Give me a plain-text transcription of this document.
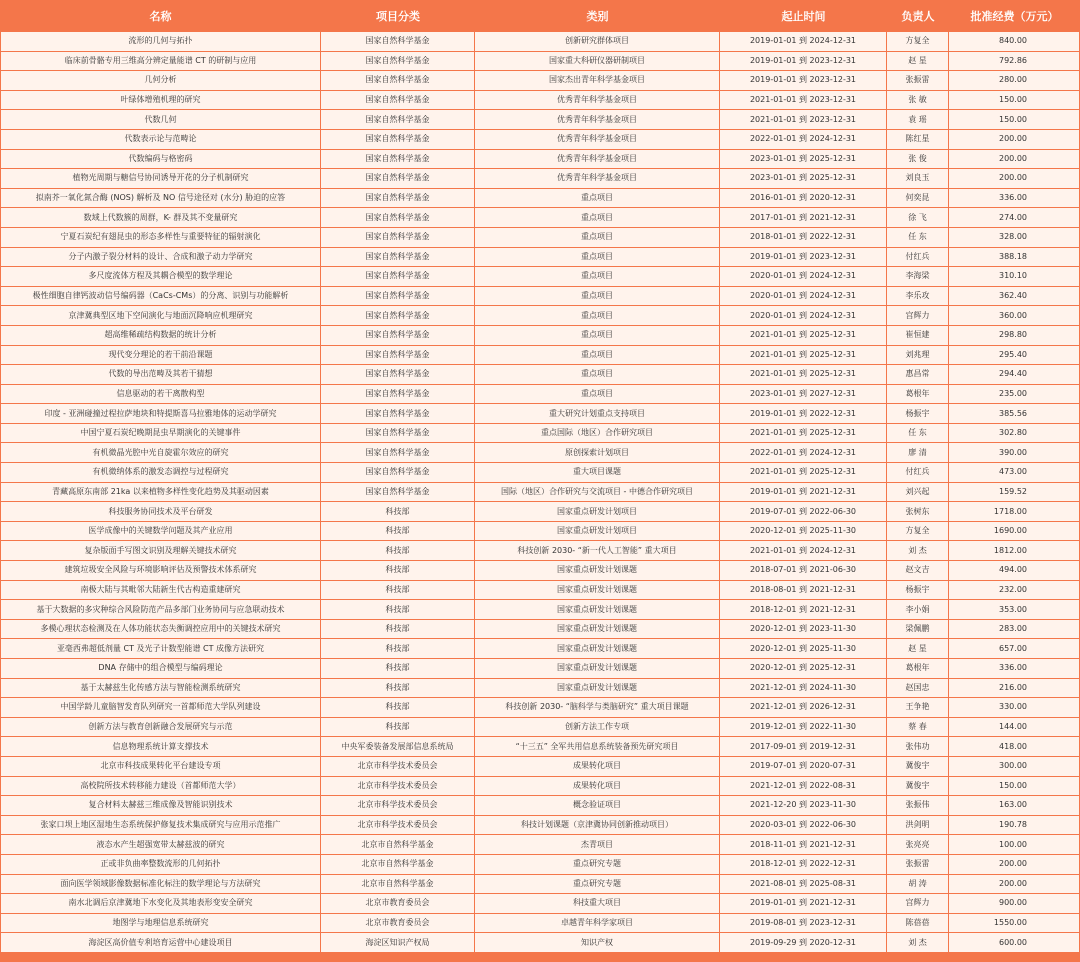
名称	项目分类	类别	起止时间	负责人	批准经费（万元）
流形的几何与拓扑	国家自然科学基金	创新研究群体项目	2019-01-01 到 2024-12-31	方复全	840.00
临床前骨骼专用三维高分辨定量能谱 CT 的研制与应用	国家自然科学基金	国家重大科研仪器研制项目	2019-01-01 到 2023-12-31	赵 星	792.86
几何分析	国家自然科学基金	国家杰出青年科学基金项目	2019-01-01 到 2023-12-31	张振雷	280.00
叶绿体增殖机理的研究	国家自然科学基金	优秀青年科学基金项目	2021-01-01 到 2023-12-31	张 敏	150.00
代数几何	国家自然科学基金	优秀青年科学基金项目	2021-01-01 到 2023-12-31	袁 瑶	150.00
代数表示论与范畴论	国家自然科学基金	优秀青年科学基金项目	2022-01-01 到 2024-12-31	陈红星	200.00
代数编码与格密码	国家自然科学基金	优秀青年科学基金项目	2023-01-01 到 2025-12-31	张 俊	200.00
植物光周期与糖信号协同诱导开花的分子机制研究	国家自然科学基金	优秀青年科学基金项目	2023-01-01 到 2025-12-31	刘良玉	200.00
拟南芥一氧化氮合酶 (NOS) 解析及 NO 信号途径对 (水分) 胁迫的应答	国家自然科学基金	重点项目	2016-01-01 到 2020-12-31	何奕昆	336.00
数域上代数簇的周群，K- 群及其不变量研究	国家自然科学基金	重点项目	2017-01-01 到 2021-12-31	徐 飞	274.00
宁夏石炭纪有翅昆虫的形态多样性与重要特征的辐射演化	国家自然科学基金	重点项目	2018-01-01 到 2022-12-31	任 东	328.00
分子内激子裂分材料的设计、合成和激子动力学研究	国家自然科学基金	重点项目	2019-01-01 到 2023-12-31	付红兵	388.18
多尺度流体方程及其耦合模型的数学理论	国家自然科学基金	重点项目	2020-01-01 到 2024-12-31	李海梁	310.10
极性细胞自律钙波动信号编码器（CaCs-CMs）的分离、识别与功能解析	国家自然科学基金	重点项目	2020-01-01 到 2024-12-31	李乐攻	362.40
京津冀典型区地下空间演化与地面沉降响应机理研究	国家自然科学基金	重点项目	2020-01-01 到 2024-12-31	宫辉力	360.00
超高维稀疏结构数据的统计分析	国家自然科学基金	重点项目	2021-01-01 到 2025-12-31	崔恒建	298.80
现代变分理论的若干前沿课题	国家自然科学基金	重点项目	2021-01-01 到 2025-12-31	刘兆理	295.40
代数的导出范畴及其若干猜想	国家自然科学基金	重点项目	2021-01-01 到 2025-12-31	惠昌常	294.40
信息驱动的若干离散构型	国家自然科学基金	重点项目	2023-01-01 到 2027-12-31	葛根年	235.00
印度 - 亚洲碰撞过程拉萨地块和特提斯喜马拉雅地体的运动学研究	国家自然科学基金	重大研究计划重点支持项目	2019-01-01 到 2022-12-31	杨振宇	385.56
中国宁夏石炭纪晚期昆虫早期演化的关键事件	国家自然科学基金	重点国际（地区）合作研究项目	2021-01-01 到 2025-12-31	任 东	302.80
有机微晶光腔中光自旋霍尔效应的研究	国家自然科学基金	原创探索计划项目	2022-01-01 到 2024-12-31	廖 清	390.00
有机微纳体系的激发态调控与过程研究	国家自然科学基金	重大项目课题	2021-01-01 到 2025-12-31	付红兵	473.00
青藏高原东南部 21ka 以来植物多样性变化趋势及其驱动因素	国家自然科学基金	国际（地区）合作研究与交流项目 - 中德合作研究项目	2019-01-01 到 2021-12-31	刘兴起	159.52
科技服务协同技术及平台研发	科技部	国家重点研发计划项目	2019-07-01 到 2022-06-30	张树东	1718.00
医学成像中的关键数学问题及其产业应用	科技部	国家重点研发计划项目	2020-12-01 到 2025-11-30	方复全	1690.00
复杂版面手写图文识别及理解关键技术研究	科技部	科技创新 2030- “新一代人工智能” 重大项目	2021-01-01 到 2024-12-31	刘 杰	1812.00
建筑垃圾安全风险与环境影响评估及预警技术体系研究	科技部	国家重点研发计划课题	2018-07-01 到 2021-06-30	赵文吉	494.00
南极大陆与其毗邻大陆新生代古构造重建研究	科技部	国家重点研发计划课题	2018-08-01 到 2021-12-31	杨振宇	232.00
基于大数据的多灾种综合风险防范产品多部门业务协同与应急联动技术	科技部	国家重点研发计划课题	2018-12-01 到 2021-12-31	李小娟	353.00
多模心理状态检测及在人体功能状态失衡调控应用中的关键技术研究	科技部	国家重点研发计划课题	2020-12-01 到 2023-11-30	梁佩鹏	283.00
亚毫西弗超低剂量 CT 及光子计数型能谱 CT 成像方法研究	科技部	国家重点研发计划课题	2020-12-01 到 2025-11-30	赵 星	657.00
DNA 存储中的组合模型与编码理论	科技部	国家重点研发计划课题	2020-12-01 到 2025-12-31	葛根年	336.00
基于太赫兹生化传感方法与智能检测系统研究	科技部	国家重点研发计划课题	2021-12-01 到 2024-11-30	赵国忠	216.00
中国学龄儿童脑智发育队列研究一首都师范大学队列建设	科技部	科技创新 2030- “脑科学与类脑研究” 重大项目课题	2021-12-01 到 2026-12-31	王争艳	330.00
创新方法与教育创新融合发展研究与示范	科技部	创新方法工作专项	2019-12-01 到 2022-11-30	蔡 春	144.00
信息物理系统计算支撑技术	中央军委装备发展部信息系统局	“十三五” 全军共用信息系统装备预先研究项目	2017-09-01 到 2019-12-31	张伟功	418.00
北京市科技成果转化平台建设专项	北京市科学技术委员会	成果转化项目	2019-07-01 到 2020-07-31	冀俊宇	300.00
高校院所技术转移能力建设（首都师范大学）	北京市科学技术委员会	成果转化项目	2021-12-01 到 2022-08-31	冀俊宇	150.00
复合材料太赫兹三维成像及智能识别技术	北京市科学技术委员会	概念验证项目	2021-12-20 到 2023-11-30	张振伟	163.00
张家口坝上地区湿地生态系统保护修复技术集成研究与应用示范推广	北京市科学技术委员会	科技计划课题（京津冀协同创新推动项目）	2020-03-01 到 2022-06-30	洪剑明	190.78
液态水产生超强宽带太赫兹波的研究	北京市自然科学基金	杰青项目	2018-11-01 到 2021-12-31	张亮亮	100.00
正或非负曲率整数流形的几何拓扑	北京市自然科学基金	重点研究专题	2018-12-01 到 2022-12-31	张振雷	200.00
面向医学领域影像数据标准化标注的数学理论与方法研究	北京市自然科学基金	重点研究专题	2021-08-01 到 2025-08-31	胡 涛	200.00
南水北调后京津冀地下水变化及其地表形变安全研究	北京市教育委员会	科技重大项目	2019-01-01 到 2021-12-31	宫辉力	900.00
地图学与地理信息系统研究	北京市教育委员会	卓越青年科学家项目	2019-08-01 到 2023-12-31	陈蓓蓓	1550.00
海淀区高价值专利培育运营中心建设项目	海淀区知识产权局	知识产权	2019-09-29 到 2020-12-31	刘 杰	600.00
